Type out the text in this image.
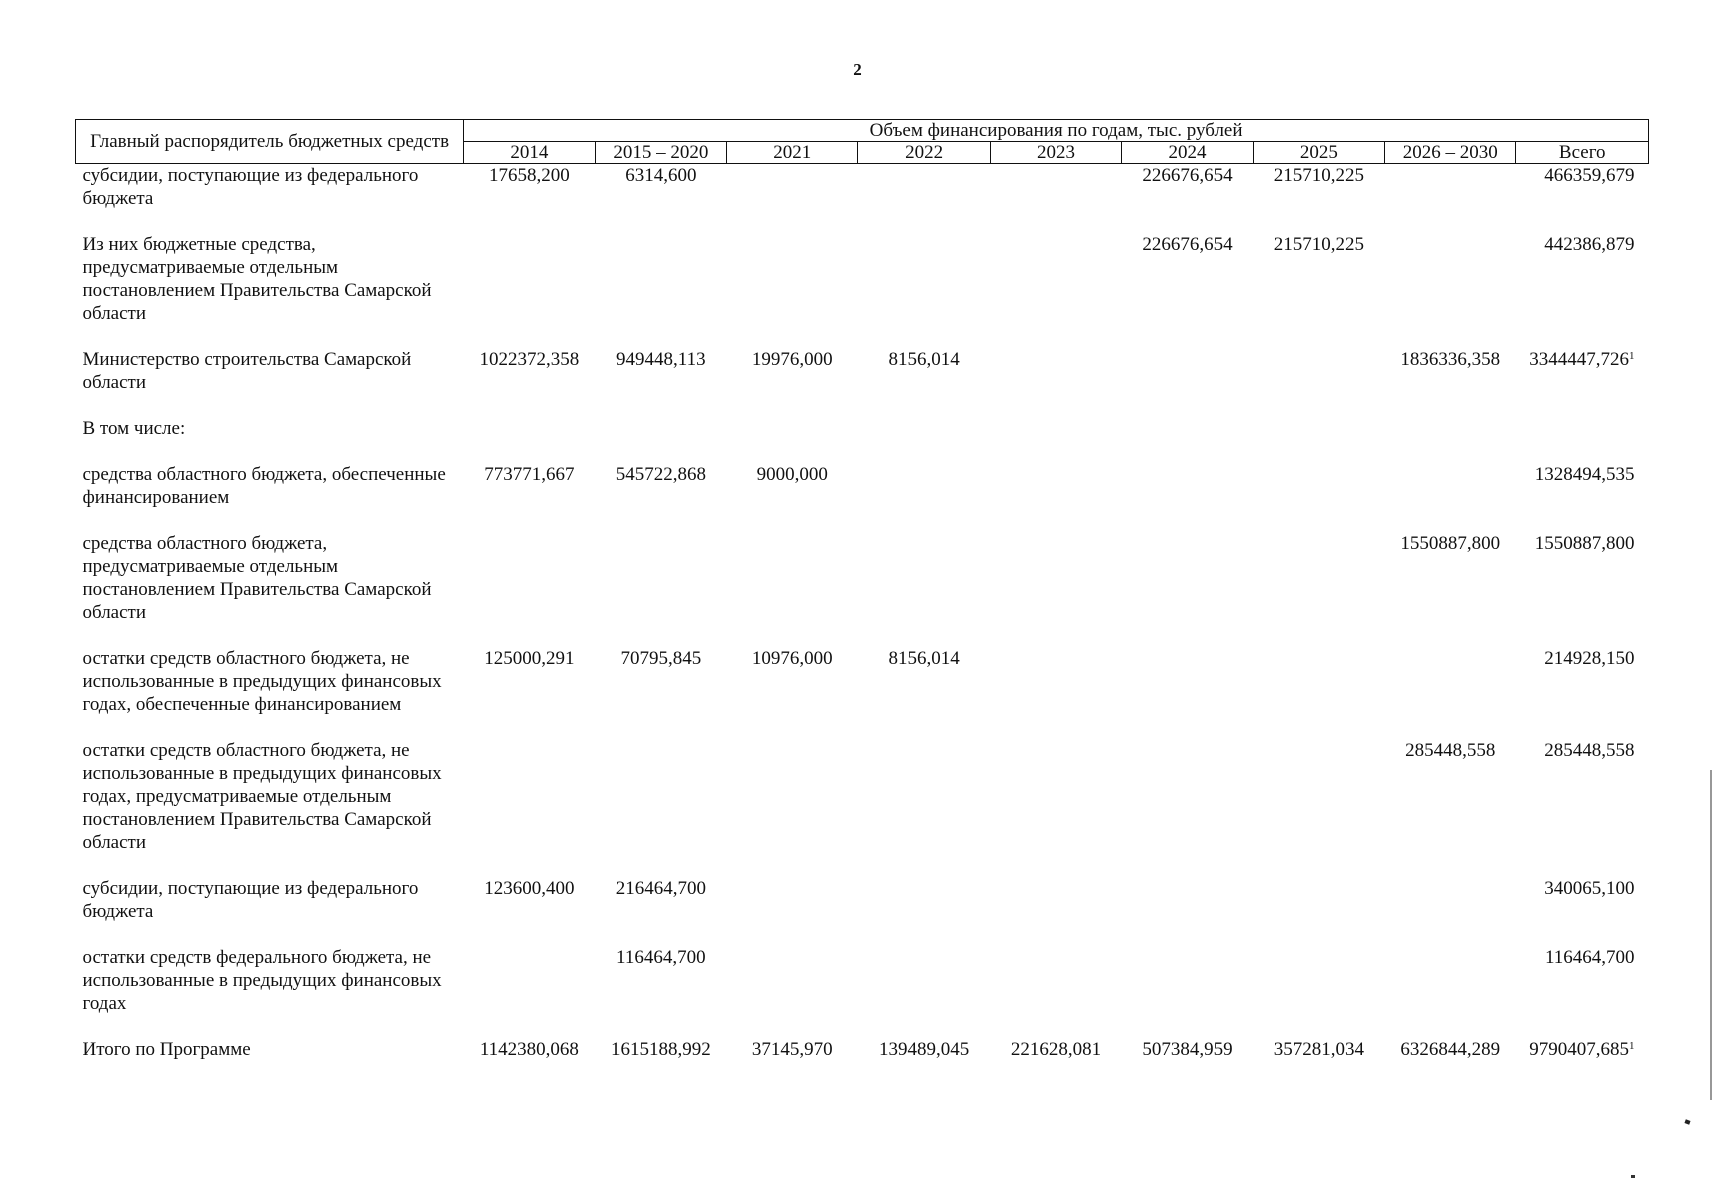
2
Главный распорядитель бюджетных средств	Объем финансирования по годам, тыс. рублей								
	2014	2015 – 2020	2021	2022	2023	2024	2025	2026 – 2030	Всего
субсидии, поступающие из федерального бюджета	17658,200	6314,600				226676,654	215710,225		466359,679
Из них бюджетные средства, предусматриваемые отдельным постановлением Правительства Самарской области						226676,654	215710,225		442386,879
Министерство строительства Самарской области	1022372,358	949448,113	19976,000	8156,014				1836336,358	3344447,726$^1$
В том числе:									
средства областного бюджета, обеспеченные финансированием	773771,667	545722,868	9000,000						1328494,535
средства областного бюджета, предусматриваемые отдельным постановлением Правительства Самарской области								1550887,800	1550887,800
остатки средств областного бюджета, не использованные в предыдущих финансовых годах, обеспеченные финансированием	125000,291	70795,845	10976,000	8156,014					214928,150
остатки средств областного бюджета, не использованные в предыдущих финансовых годах, предусматриваемые отдельным постановлением Правительства Самарской области								285448,558	285448,558
субсидии, поступающие из федерального бюджета	123600,400	216464,700							340065,100
остатки средств федерального бюджета, не использованные в предыдущих финансовых годах		116464,700							116464,700
Итого по Программе	1142380,068	1615188,992	37145,970	139489,045	221628,081	507384,959	357281,034	6326844,289	9790407,685$^1$
